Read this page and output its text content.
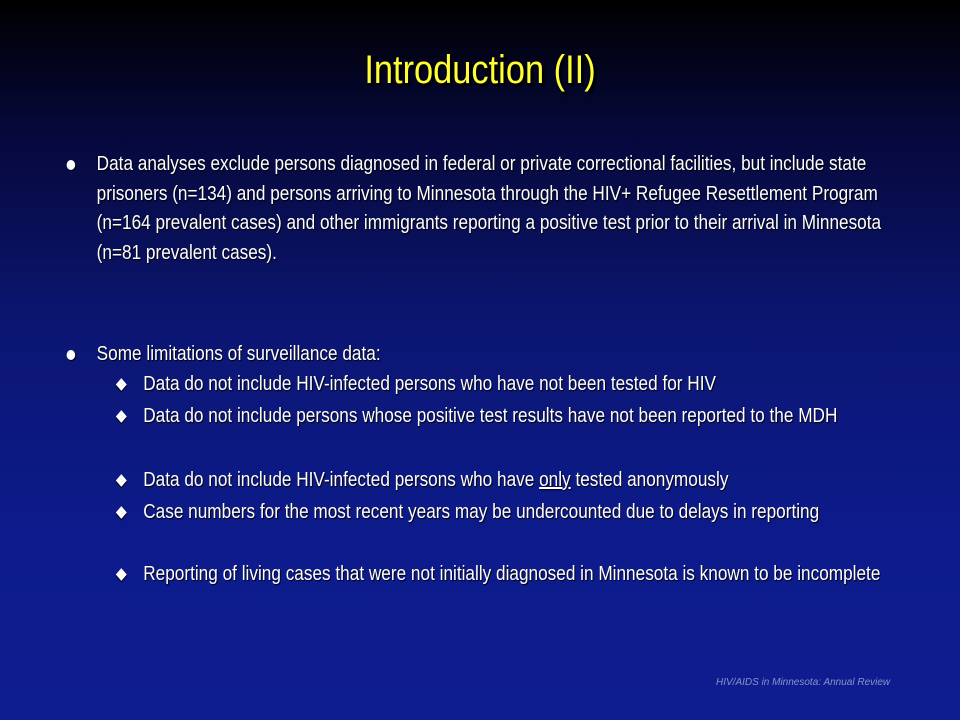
Introduction (II)
Data analyses exclude persons diagnosed in federal or private correctional facilities, but include state prisoners (n=134) and persons arriving to Minnesota through the HIV+ Refugee Resettlement Program (n=164 prevalent cases) and other immigrants reporting a positive test prior to their arrival in Minnesota (n=81 prevalent cases).
Some limitations of surveillance data:
Data do not include HIV-infected persons who have not been tested for HIV
Data do not include persons whose positive test results have not been reported to the MDH
Data do not include HIV-infected persons who have only tested anonymously
Case numbers for the most recent years may be undercounted due to delays in reporting
Reporting of living cases that were not initially diagnosed in Minnesota is known to be incomplete
HIV/AIDS in Minnesota: Annual Review
